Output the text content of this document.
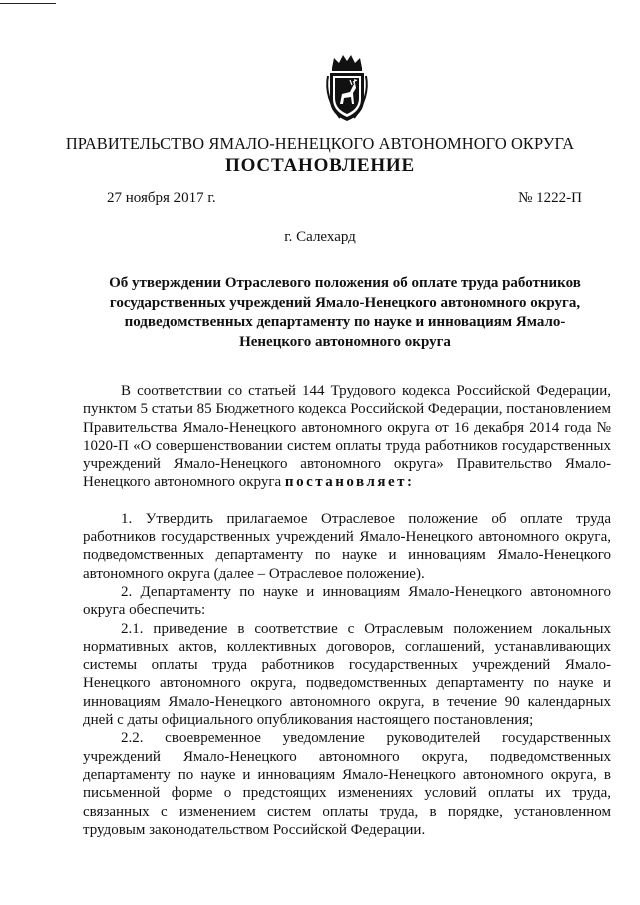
ПРАВИТЕЛЬСТВО ЯМАЛО-НЕНЕЦКОГО АВТОНОМНОГО ОКРУГА
ПОСТАНОВЛЕНИЕ
27 ноября 2017 г.	№ 1222-П
г. Салехард
Об утверждении Отраслевого положения об оплате труда работников государственных учреждений Ямало-Ненецкого автономного округа, подведомственных департаменту по науке и инновациям Ямало-Ненецкого автономного округа

В соответствии со статьей 144 Трудового кодекса Российской Федерации, пунктом 5 статьи 85 Бюджетного кодекса Российской Федерации, постановлением Правительства Ямало-Ненецкого автономного округа от 16 декабря 2014 года № 1020-П «О совершенствовании систем оплаты труда работников государственных учреждений Ямало-Ненецкого автономного округа» Правительство Ямало-Ненецкого автономного округа постановляет:

1. Утвердить прилагаемое Отраслевое положение об оплате труда работников государственных учреждений Ямало-Ненецкого автономного округа, подведомственных департаменту по науке и инновациям Ямало-Ненецкого автономного округа (далее – Отраслевое положение).

2. Департаменту по науке и инновациям Ямало-Ненецкого автономного округа обеспечить:

2.1. приведение в соответствие с Отраслевым положением локальных нормативных актов, коллективных договоров, соглашений, устанавливающих системы оплаты труда работников государственных учреждений Ямало-Ненецкого автономного округа, подведомственных департаменту по науке и инновациям Ямало-Ненецкого автономного округа, в течение 90 календарных дней с даты официального опубликования настоящего постановления;

2.2. своевременное уведомление руководителей государственных учреждений Ямало-Ненецкого автономного округа, подведомственных департаменту по науке и инновациям Ямало-Ненецкого автономного округа, в письменной форме о предстоящих изменениях условий оплаты их труда, связанных с изменением систем оплаты труда, в порядке, установленном трудовым законодательством Российской Федерации.
